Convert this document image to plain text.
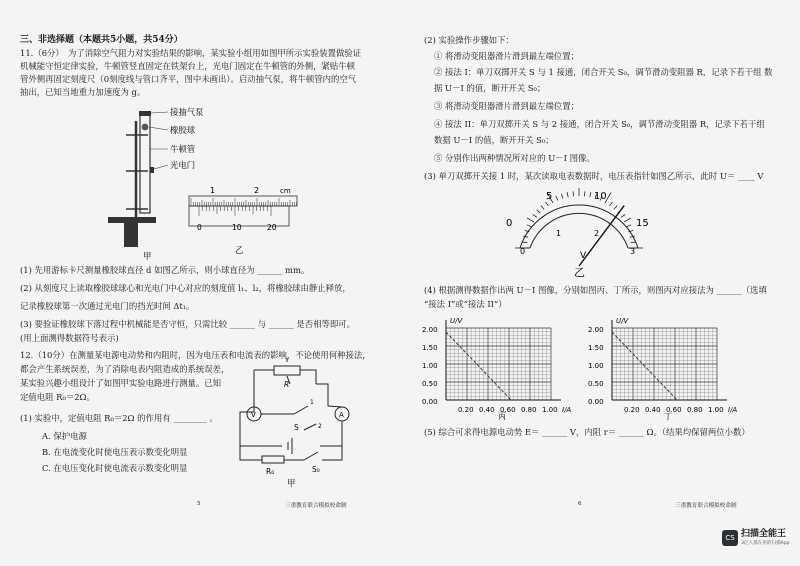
三、非选择题（本题共5小题，共54分）
11.（6分）　为了消除空气阻力对实验结果的影响，某实验小组用如图甲所示实验装置做验证
机械能守恒定律实验，牛顿管竖直固定在铁架台上，光电门固定在牛顿管的外侧，紧贴牛顿
管外侧再固定刻度尺（0刻度线与管口齐平，图中未画出）。启动抽气泵，将牛顿管内的空气
抽出，已知当地重力加速度为 g。
接抽气泵
橡胶球
牛顿管
光电门
甲
1	2	cm
0	10	20
乙
(1) 先用游标卡尺测量橡胶球直径 d 如图乙所示，则小球直径为 ______ mm。
(2) 从刻度尺上读取橡胶球球心和光电门中心对应的刻度值 l₁、l₂，将橡胶球由静止释放，
记录橡胶球第一次通过光电门的挡光时间 Δt₁。
(3) 要验证橡胶球下落过程中机械能是否守恒，只需比较 ______ 与 ______ 是否相等即可。
(用上面测得数据符号表示)
12.（10分）在测量某电源电动势和内阻时，因为电压表和电流表的影响，不论使用何种接法，
都会产生系统误差，为了消除电表内阻造成的系统误差，
某实验兴趣小组设计了如图甲实验电路进行测量。已知
定值电阻 R₀＝2Ω。
(1) 实验中，定值电阻 R₀＝2Ω 的作用有 ________ 。
A. 保护电源
B. 在电流变化时使电压表示数变化明显
C. 在电压变化时使电流表示数变化明显
V	A
R
S
1
2
R₀	S₀
甲
5	三重教育联合模拟校命制
(2) 实验操作步骤如下：
① 将滑动变阻器滑片滑到最左端位置；
② 接法 I：单刀双掷开关 S 与 1 接通，闭合开关 S₀，调节滑动变阻器 R，记录下若干组 数
据 U－I 的值，断开开关 S₀；
③ 将滑动变阻器滑片滑到最左端位置；
④ 接法 II：单刀双掷开关 S 与 2 接通，闭合开关 S₀，调节滑动变阻器 R，记录下若干组
数据 U－I 的值，断开开关 S₀；
⑤ 分别作出两种情况所对应的 U－I 图像。
(3) 单刀双掷开关接 1 时，某次读取电表数据时，电压表指针如图乙所示，此时 U＝ ____ V
0
5	10
15
0
1	2
3
V
乙
(4) 根据测得数据作出两 U－I 图像，分别如图丙、丁所示，则图丙对应接法为 ______（选填
“接法 I”或“接法 II”）
U/V
2.00
1.50
1.00
0.50
0.00
0.20 0.40 0.60 0.80 1.00 I/A
丙
U/V
2.00
1.50
1.00
0.50
0.00
0.20 0.40 0.60 0.80 1.00 I/A
丁
(5) 综合可求得电源电动势 E＝ ______ V，内阻 r＝ ______ Ω。（结果均保留两位小数）
6	三重教育联合模拟校命制
CS 扫描全能王
3亿人都在用的扫描App
